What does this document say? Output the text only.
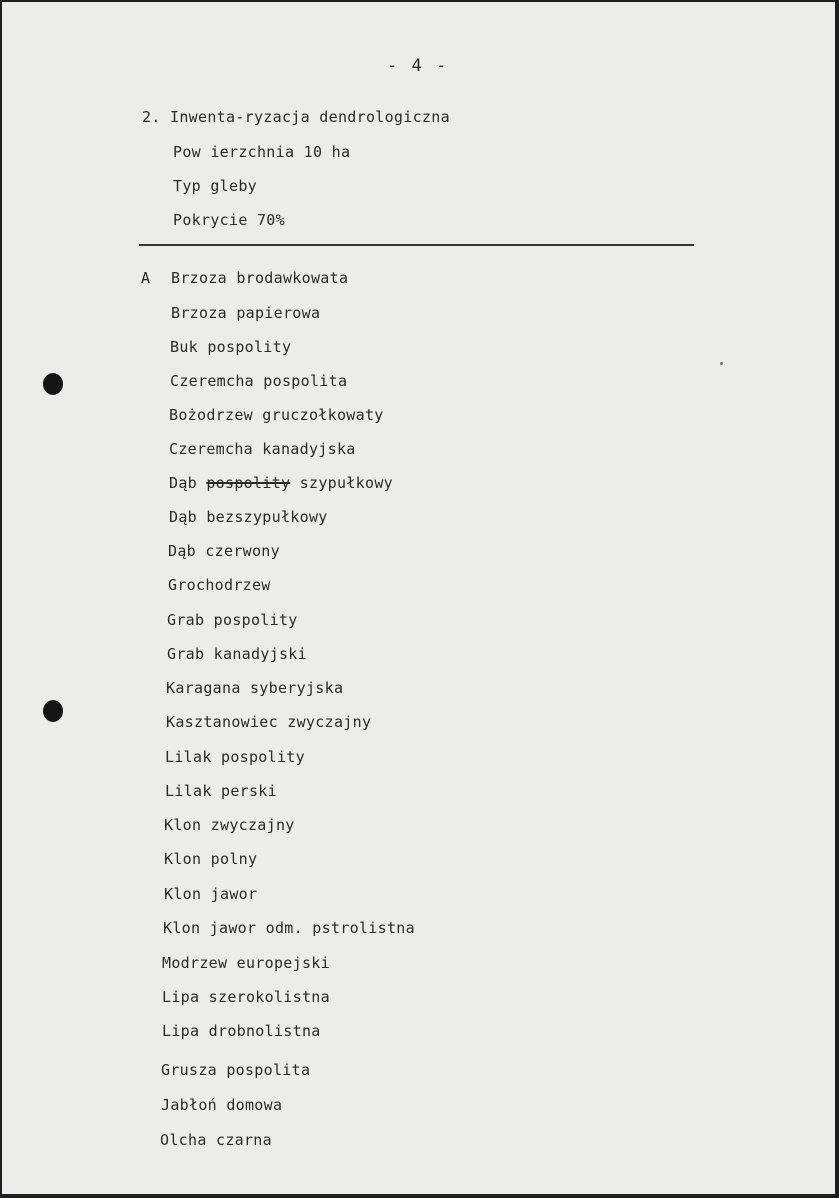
- 4 -
2. Inwenta-ryzacja dendrologiczna
Pow ierzchnia 10 ha
Typ gleby
Pokrycie 70%
A Brzoza brodawkowata
Brzoza papierowa
Buk pospolity
Czeremcha pospolita
Bożodrzew gruczołkowaty
Czeremcha kanadyjska
Dąb pospolity szypułkowy
Dąb bezszypułkowy
Dąb czerwony
Grochodrzew
Grab pospolity
Grab kanadyjski
Karagana syberyjska
Kasztanowiec zwyczajny
Lilak pospolity
Lilak perski
Klon zwyczajny
Klon polny
Klon jawor
Klon jawor odm. pstrolistna
Modrzew europejski
Lipa szerokolistna
Lipa drobnolistna
Grusza pospolita
Jabłoń domowa
Olcha czarna
